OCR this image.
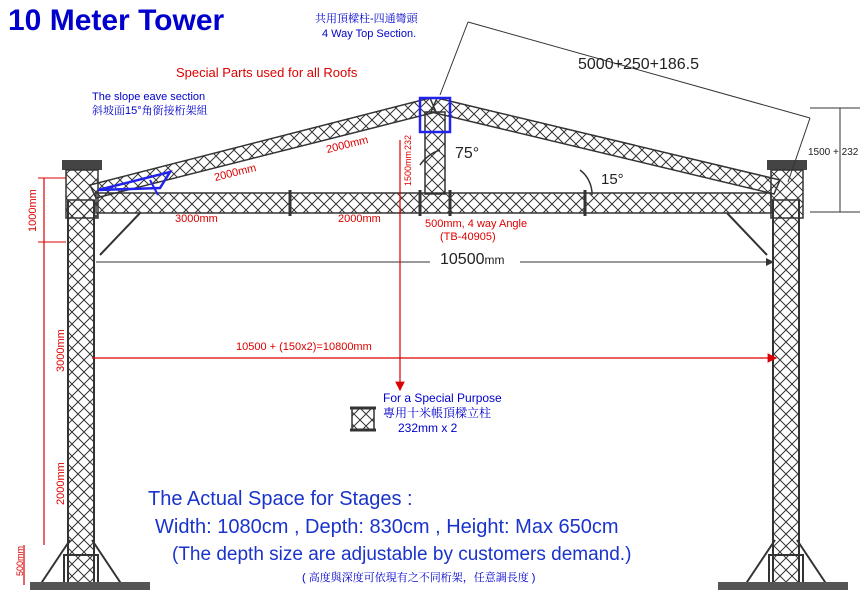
10 Meter Tower	共用頂樑柱-四通彎頭
4 Way Top Section.
5000+250+186.5
Special Parts used for all Roofs
The slope eave section
斜坡面15°角銜接桁架組
2000mm
2000mm
3000mm	2000mm
75°
15°
1500 + 232
1500mm
232
500mm, 4 way Angle
(TB-40905)
10500mm
10500 + (150x2)=10800mm
1000mm
3000mm
2000mm
500mm
For a Special Purpose
專用十米帳頂樑立柱
232mm x 2
The Actual Space for Stages :
Width: 1080cm , Depth: 830cm , Height: Max 650cm
(The depth size are adjustable by customers demand.)
( 高度與深度可依現有之不同桁架，任意調長度 )
